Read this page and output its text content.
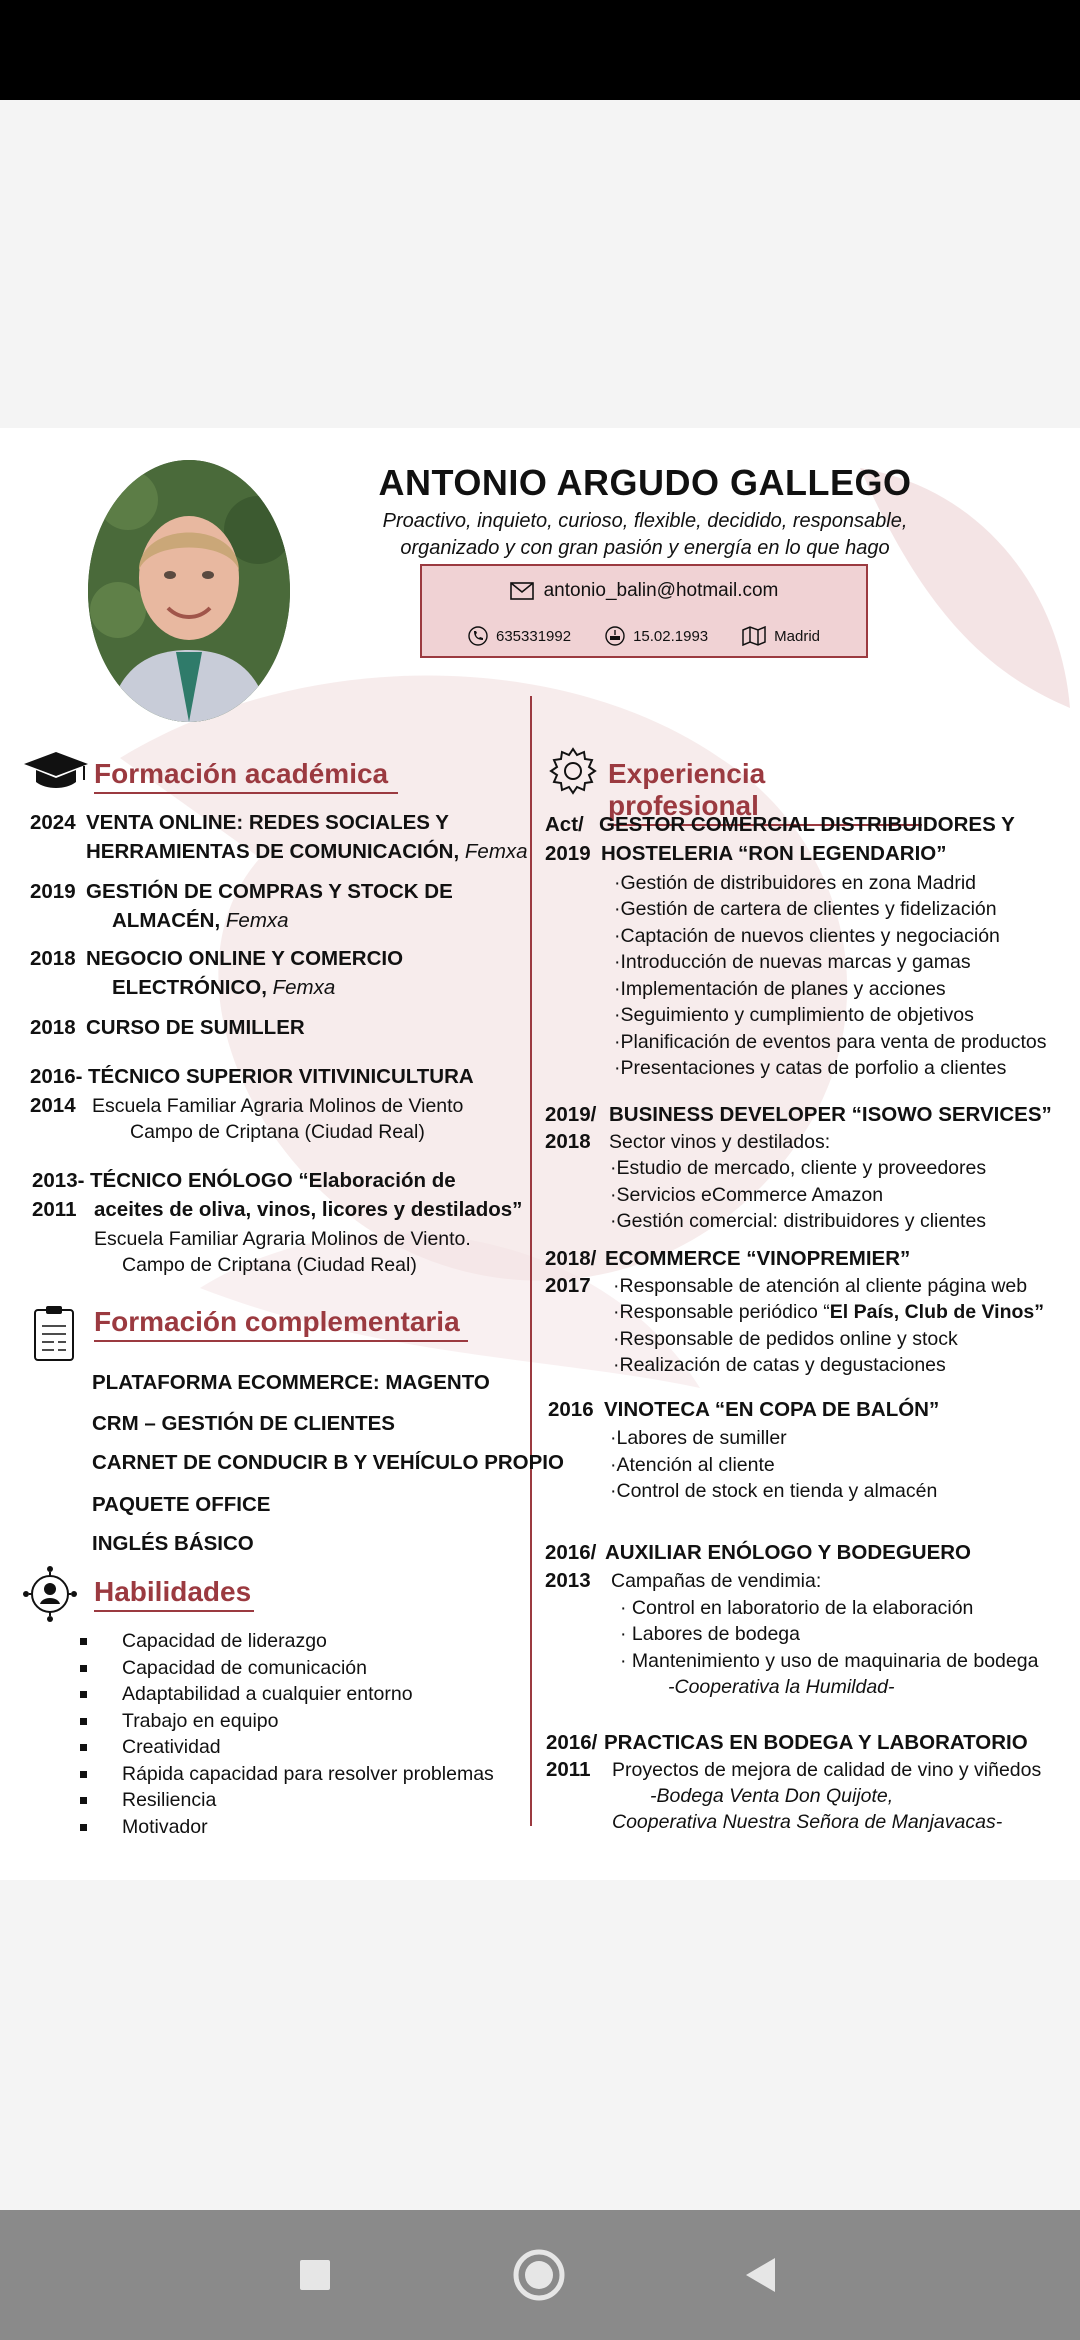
ANTONIO ARGUDO GALLEGO
Proactivo, inquieto, curioso, flexible, decidido, responsable,
organizado y con gran pasión y energía en lo que hago
antonio_balin@hotmail.com
635331992	15.02.1993	Madrid
Formación académica
2024 VENTA ONLINE: REDES SOCIALES Y
HERRAMIENTAS DE COMUNICACIÓN, Femxa
2019 GESTIÓN DE COMPRAS Y STOCK DE
ALMACÉN, Femxa
2018 NEGOCIO ONLINE Y COMERCIO
ELECTRÓNICO, Femxa
2018 CURSO DE SUMILLER
2016- TÉCNICO SUPERIOR VITIVINICULTURA
2014 Escuela Familiar Agraria Molinos de Viento
Campo de Criptana (Ciudad Real)
2013- TÉCNICO ENÓLOGO “Elaboración de
2011 aceites de oliva, vinos, licores y destilados”
Escuela Familiar Agraria Molinos de Viento.
Campo de Criptana (Ciudad Real)
Formación complementaria
PLATAFORMA ECOMMERCE: MAGENTO
CRM – GESTIÓN DE CLIENTES
CARNET DE CONDUCIR B Y VEHÍCULO PROPIO
PAQUETE OFFICE
INGLÉS BÁSICO
Habilidades
Capacidad de liderazgo
Capacidad de comunicación
Adaptabilidad a cualquier entorno
Trabajo en equipo
Creatividad
Rápida capacidad para resolver problemas
Resiliencia
Motivador
Experiencia profesional
Act/ GESTOR COMERCIAL DISTRIBUIDORES Y
2019 HOSTELERIA “RON LEGENDARIO”
·Gestión de distribuidores en zona Madrid
·Gestión de cartera de clientes y fidelización
·Captación de nuevos clientes y negociación
·Introducción de nuevas marcas y gamas
·Implementación de planes y acciones
·Seguimiento y cumplimiento de objetivos
·Planificación de eventos para venta de productos
·Presentaciones y catas de porfolio a clientes
2019/ BUSINESS DEVELOPER “ISOWO SERVICES”
2018 Sector vinos y destilados:
·Estudio de mercado, cliente y proveedores
·Servicios eCommerce Amazon
·Gestión comercial: distribuidores y clientes
2018/ ECOMMERCE “VINOPREMIER”
2017 ·Responsable de atención al cliente página web
·Responsable periódico “El País, Club de Vinos”
·Responsable de pedidos online y stock
·Realización de catas y degustaciones
2016 VINOTECA “EN COPA DE BALÓN”
·Labores de sumiller
·Atención al cliente
·Control de stock en tienda y almacén
2016/ AUXILIAR ENÓLOGO Y BODEGUERO
2013 Campañas de vendimia:
· Control en laboratorio de la elaboración
· Labores de bodega
· Mantenimiento y uso de maquinaria de bodega
-Cooperativa la Humildad-
2016/ PRACTICAS EN BODEGA Y LABORATORIO
2011 Proyectos de mejora de calidad de vino y viñedos
-Bodega Venta Don Quijote,
Cooperativa Nuestra Señora de Manjavacas-
